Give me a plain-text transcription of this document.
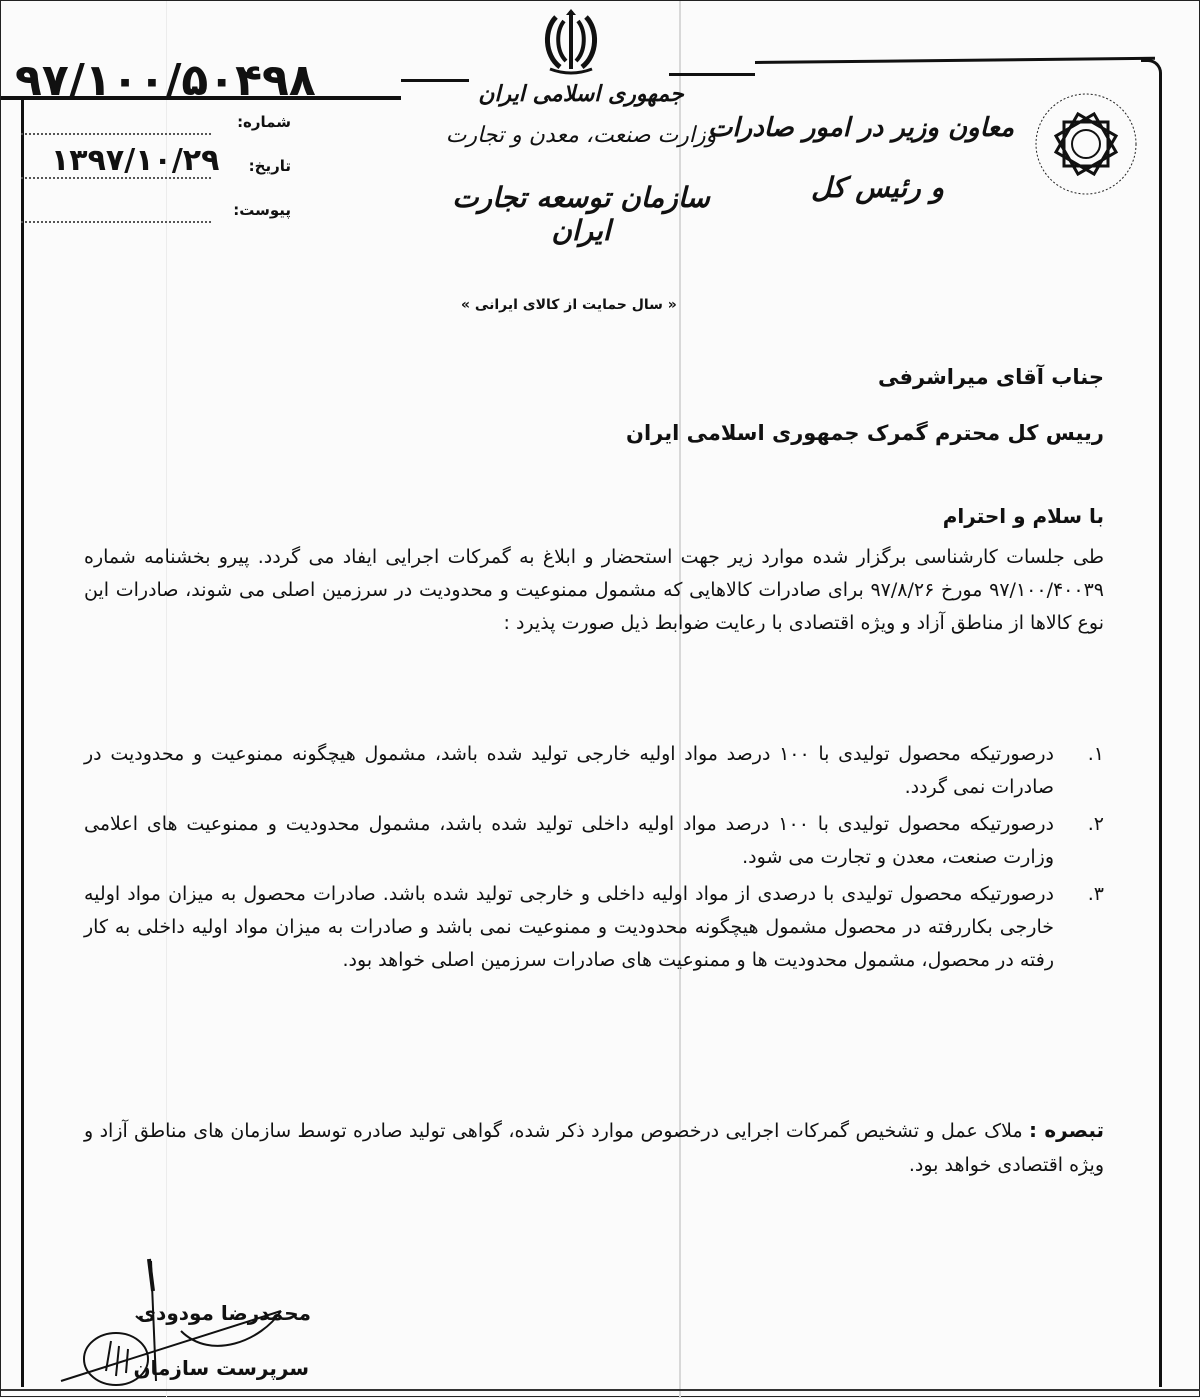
۹۷/۱۰۰/۵۰۴۹۸
شماره:
تاریخ:
۱۳۹۷/۱۰/۲۹
پیوست:
جمهوری اسلامی ایران
وزارت صنعت، معدن و تجارت
سازمان توسعه تجارت ایران
معاون وزیر در امور صادرات
و رئیس کل
« سال حمایت از کالای ایرانی »
جناب آقای میراشرفی
رییس کل محترم گمرک جمهوری اسلامی ایران
با سلام و احترام
طی جلسات کارشناسی برگزار شده موارد زیر جهت استحضار و ابلاغ به گمرکات اجرایی ایفاد می گردد. پیرو بخشنامه شماره ۹۷/۱۰۰/۴۰۰۳۹ مورخ ۹۷/۸/۲۶ برای صادرات کالاهایی که مشمول ممنوعیت و محدودیت در سرزمین اصلی می شوند، صادرات این نوع کالاها از مناطق آزاد و ویژه اقتصادی با رعایت ضوابط ذیل صورت پذیرد :
۱.
درصورتیکه محصول تولیدی با ۱۰۰ درصد مواد اولیه خارجی تولید شده باشد، مشمول هیچگونه ممنوعیت و محدودیت در صادرات نمی گردد.
۲.
درصورتیکه محصول تولیدی با ۱۰۰ درصد مواد اولیه داخلی تولید شده باشد، مشمول محدودیت و ممنوعیت های اعلامی وزارت صنعت، معدن و تجارت می شود.
۳.
درصورتیکه محصول تولیدی با درصدی از مواد اولیه داخلی و خارجی تولید شده باشد. صادرات محصول به میزان مواد اولیه خارجی بکاررفته در محصول مشمول هیچگونه محدودیت و ممنوعیت نمی باشد و صادرات به میزان مواد اولیه داخلی به کار رفته در محصول، مشمول محدودیت ها و ممنوعیت های صادرات سرزمین اصلی خواهد بود.
تبصره : ملاک عمل و تشخیص گمرکات اجرایی درخصوص موارد ذکر شده، گواهی تولید صادره توسط سازمان های مناطق آزاد و ویژه اقتصادی خواهد بود.
محمدرضا مودودی
سرپرست سازمان
